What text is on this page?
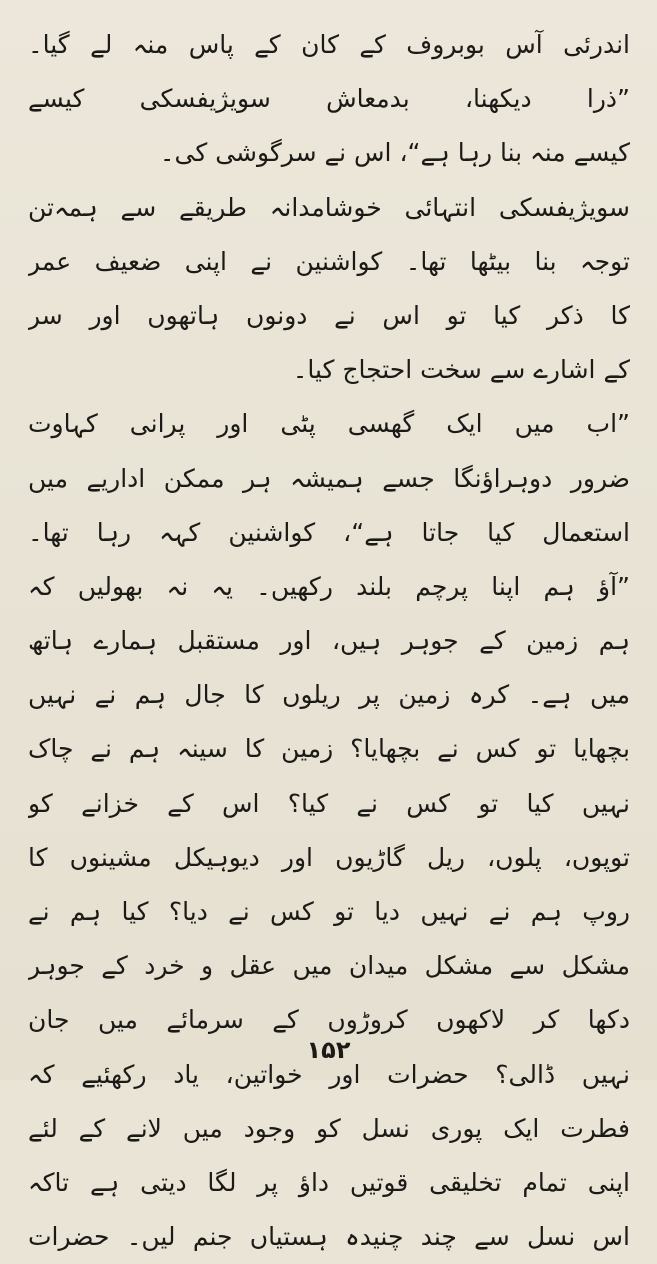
اندرئی آس بوبروف کے کان کے پاس منہ لے گیا۔
”ذرا دیکھنا، بدمعاش سویژیفسکی کیسے
کیسے منہ بنا رہا ہے“، اس نے سرگوشی کی۔
سویژیفسکی انتہائی خوشامدانہ طریقے سے ہمہ‌تن
توجہ بنا بیٹھا تھا۔ کواشنین نے اپنی ضعیف عمر
کا ذکر کیا تو اس نے دونوں ہاتھوں اور سر
کے اشارے سے سخت احتجاج کیا۔
”اب میں ایک گھسی پٹی اور پرانی کہاوت
ضرور دوہراؤنگا جسے ہمیشہ ہر ممکن اداریے میں
استعمال کیا جاتا ہے“، کواشنین کہہ رہا تھا۔
”آؤ ہم اپنا پرچم بلند رکھیں۔ یہ نہ بھولیں کہ
ہم زمین کے جوہر ہیں، اور مستقبل ہمارے ہاتھ
میں ہے۔ کرہ زمین پر ریلوں کا جال ہم نے نہیں
بچھایا تو کس نے بچھایا؟ زمین کا سینہ ہم نے چاک
نہیں کیا تو کس نے کیا؟ اس کے خزانے کو
توپوں، پلوں، ریل گاڑیوں اور دیوہیکل مشینوں کا
روپ ہم نے نہیں دیا تو کس نے دیا؟ کیا ہم نے
مشکل سے مشکل میدان میں عقل و خرد کے جوہر
دکھا کر لاکھوں کروڑوں کے سرمائے میں جان
نہیں ڈالی؟ حضرات اور خواتین، یاد رکھئیے کہ
فطرت ایک پوری نسل کو وجود میں لانے کے لئے
اپنی تمام تخلیقی قوتیں داؤ پر لگا دیتی ہے تاکہ
اس نسل سے چند چنیدہ ہستیاں جنم لیں۔ حضرات
۱۵۲
